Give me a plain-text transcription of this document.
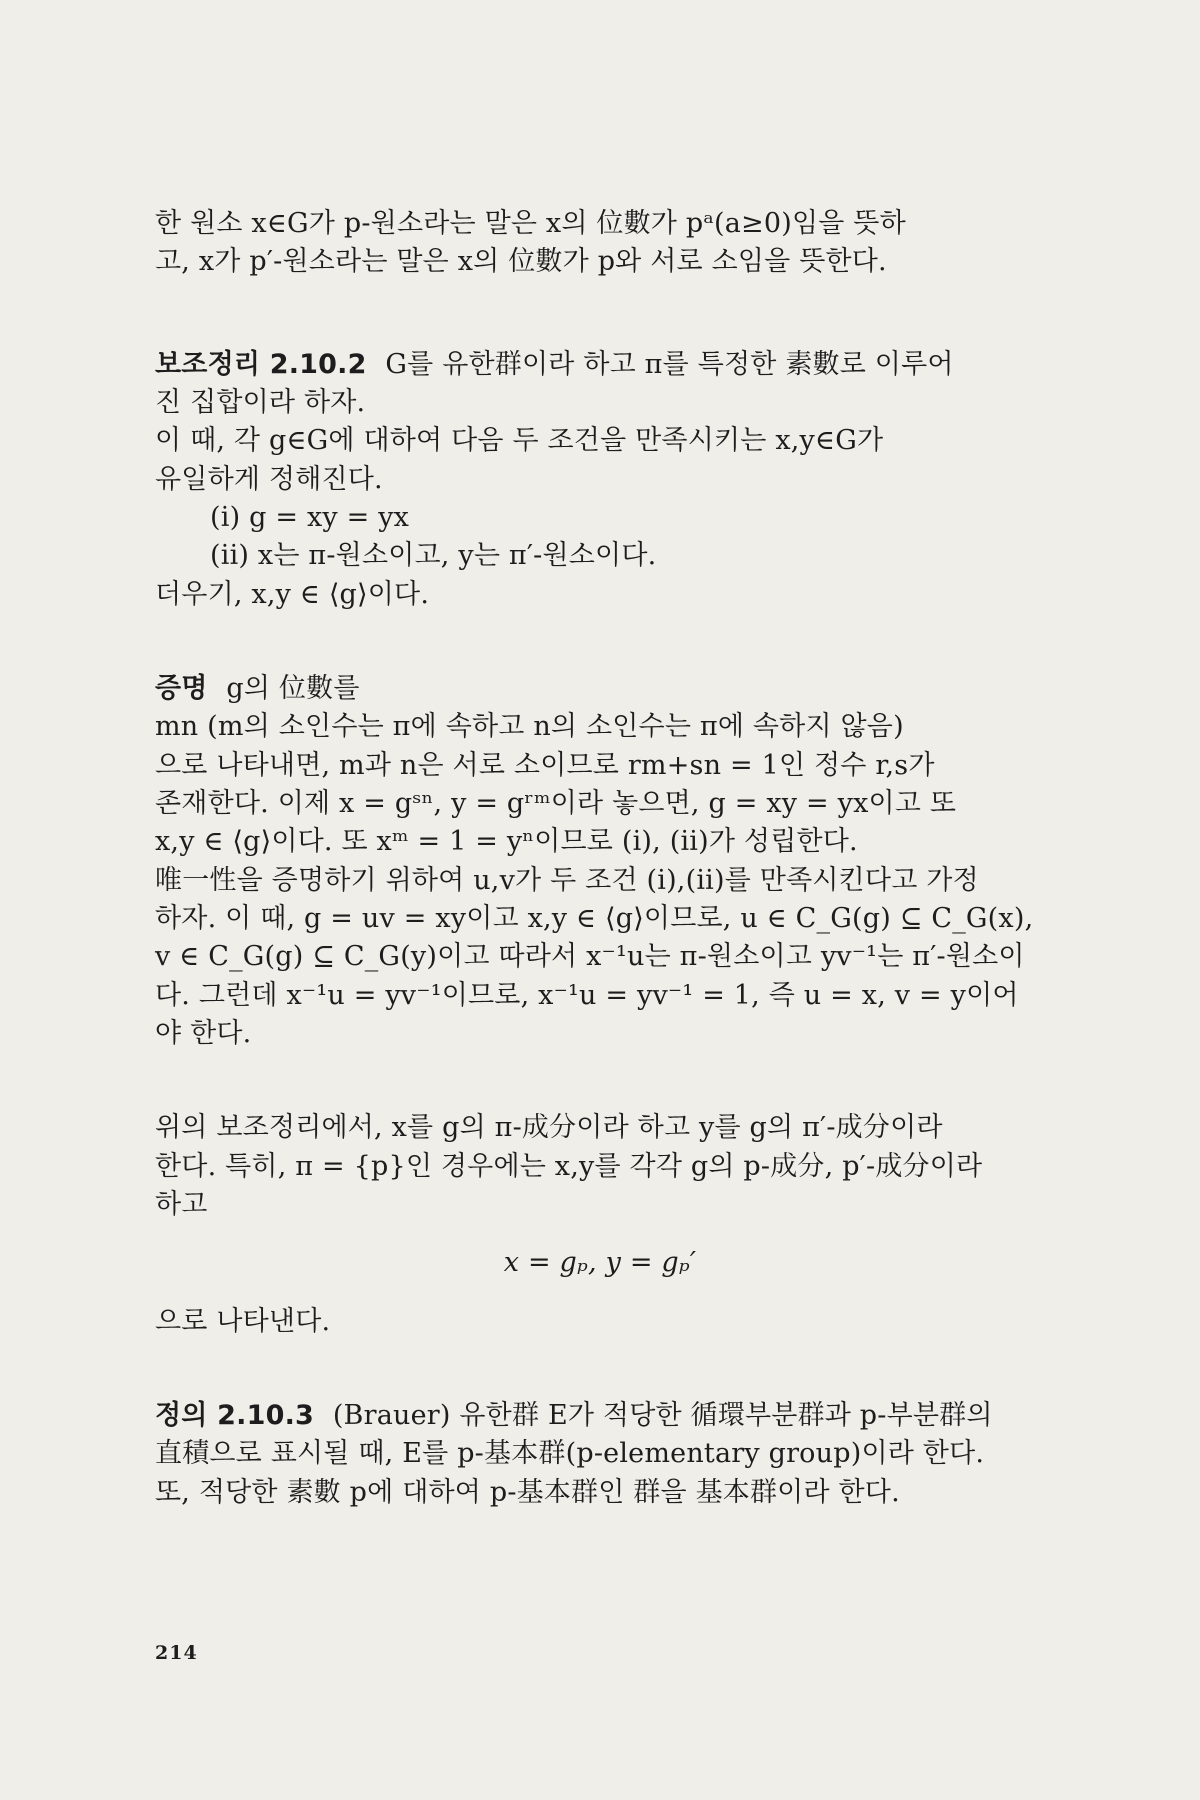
한 원소 x∈G가 p-원소라는 말은 x의 位數가 pᵃ(a≥0)임을 뜻하

고, x가 p′-원소라는 말은 x의 位數가 p와 서로 소임을 뜻한다.

보조정리 2.10.2 G를 유한群이라 하고 π를 특정한 素數로 이루어

진 집합이라 하자.

이 때, 각 g∈G에 대하여 다음 두 조건을 만족시키는 x,y∈G가

유일하게 정해진다.

(i) g = xy = yx

(ii) x는 π-원소이고, y는 π′-원소이다.

더우기, x,y ∈ ⟨g⟩이다.

증명 g의 位數를

mn (m의 소인수는 π에 속하고 n의 소인수는 π에 속하지 않음)

으로 나타내면, m과 n은 서로 소이므로 rm+sn = 1인 정수 r,s가

존재한다. 이제 x = gˢⁿ, y = gʳᵐ이라 놓으면, g = xy = yx이고 또

x,y ∈ ⟨g⟩이다. 또 xᵐ = 1 = yⁿ이므로 (i), (ii)가 성립한다.

唯一性을 증명하기 위하여 u,v가 두 조건 (i),(ii)를 만족시킨다고 가정

하자. 이 때, g = uv = xy이고 x,y ∈ ⟨g⟩이므로, u ∈ C_G(g) ⊆ C_G(x),

v ∈ C_G(g) ⊆ C_G(y)이고 따라서 x⁻¹u는 π-원소이고 yv⁻¹는 π′-원소이

다. 그런데 x⁻¹u = yv⁻¹이므로, x⁻¹u = yv⁻¹ = 1, 즉 u = x, v = y이어

야 한다.

위의 보조정리에서, x를 g의 π-成分이라 하고 y를 g의 π′-成分이라

한다. 특히, π = {p}인 경우에는 x,y를 각각 g의 p-成分, p′-成分이라

하고

x = gₚ, y = gₚ′

으로 나타낸다.

정의 2.10.3 (Brauer) 유한群 E가 적당한 循環부분群과 p-부분群의

直積으로 표시될 때, E를 p-基本群(p-elementary group)이라 한다.

또, 적당한 素數 p에 대하여 p-基本群인 群을 基本群이라 한다.

214
